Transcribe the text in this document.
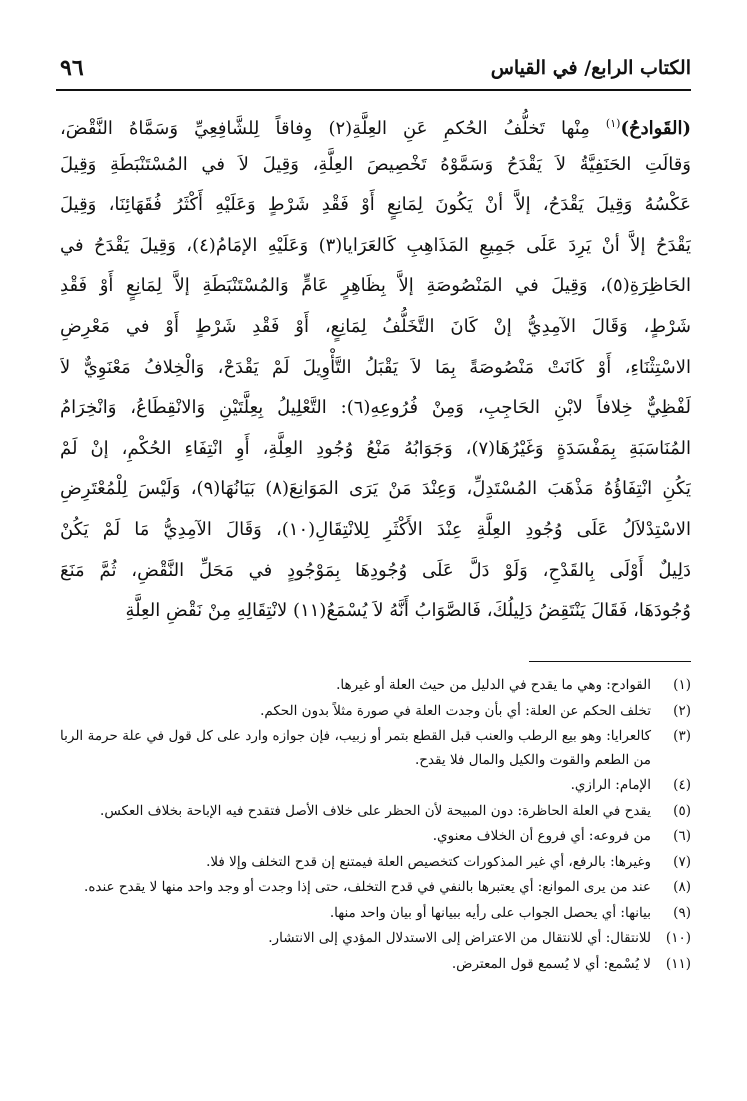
٩٦	الكتاب الرابع/ في القياس
(القَوادحُ)$^{(١)}$ مِنْها تَخلُّفُ الحُكمِ عَنِ العِلَّةِ(٢) وِفاقاً لِلشَّافِعِيِّ وَسَمَّاهُ النَّقْضَ،
وَقالَتِ الحَنَفِيَّةُ لاَ يَقْدَحُ وَسَمَّوْهُ تَخْصِيصَ العِلَّةِ، وَقِيلَ لاَ في المُسْتَنْبَطَةِ وَقِيلَ
عَكْسُهُ وَقِيلَ يَقْدَحُ، إلاَّ أنْ يَكُونَ لِمَانِعٍ أَوْ فَقْدِ شَرْطٍ وَعَلَيْهِ أَكْثَرُ فُقَهَائِنَا، وَقِيلَ
يَقْدَحُ إلاَّ أنْ يَرِدَ عَلَى جَمِيعِ المَذَاهِبِ كَالعَرَايا(٣) وَعَلَيْهِ الإمَامُ(٤)، وَقِيلَ يَقْدَحُ في
الحَاظِرَةِ(٥)، وَقِيلَ في المَنْصُوصَةِ إلاَّ بِظَاهِرٍ عَامٍّ وَالمُسْتَنْبَطَةِ إلاَّ لِمَانِعٍ أَوْ فَقْدِ
شَرْطٍ، وَقَالَ الآمِدِيُّ إنْ كَانَ التَّخَلُّفُ لِمَانِعٍ، أَوْ فَقْدِ شَرْطٍ أَوْ في مَعْرِضِ
الاسْتِثْنَاءِ، أَوْ كَانَتْ مَنْصُوصَةً بِمَا لاَ يَقْبَلُ التَّأْوِيلَ لَمْ يَقْدَحْ، وَالْخِلافُ مَعْنَوِيٌّ لاَ
لَفْظِيٌّ خِلافاً لابْنِ الحَاجِبِ، وَمِنْ فُرُوعِهِ(٦): التَّعْلِيلُ بِعِلَّتَيْنِ وَالانْقِطَاعُ، وَانْخِرَامُ
المُنَاسَبَةِ بِمَفْسَدَةٍ وَغَيْرُهَا(٧)، وَجَوَابُهُ مَنْعُ وُجُودِ العِلَّةِ، أَوِ انْتِفَاءِ الحُكْمِ، إنْ لَمْ
يَكُنِ انْتِفَاؤُهُ مَذْهَبَ المُسْتَدِلِّ، وَعِنْدَ مَنْ يَرَى المَوَانِعَ(٨) بَيَانُهَا(٩)، وَلَيْسَ لِلْمُعْتَرِضِ
الاسْتِدْلاَلُ عَلَى وُجُودِ العِلَّةِ عِنْدَ الأَكْثَرِ لِلانْتِقَالِ(١٠)، وَقَالَ الآمِدِيُّ مَا لَمْ يَكُنْ
دَلِيلٌ أَوْلَى بِالقَدْحِ، وَلَوْ دَلَّ عَلَى وُجُودِهَا بِمَوْجُودٍ في مَحَلِّ النَّقْضِ، ثُمَّ مَنَعَ
وُجُودَهَا، فَقَالَ يَنْتَقِضُ دَلِيلُكَ، فَالصَّوَابُ أَنَّهُ لاَ يُسْمَعُ(١١) لانْتِقَالِهِ مِنْ نَقْضِ العِلَّةِ
(١)
القوادح: وهي ما يقدح في الدليل من حيث العلة أو غيرها.
(٢)
تخلف الحكم عن العلة: أي بأن وجدت العلة في صورة مثلاً بدون الحكم.
(٣)
كالعرايا: وهو بيع الرطب والعنب قبل القطع بتمر أو زبيب، فإن جوازه وارد على كل قول في علة حرمة الربا من الطعم والقوت والكيل والمال فلا يقدح.
(٤)
الإمام: الرازي.
(٥)
يقدح في العلة الحاظرة: دون المبيحة لأن الحظر على خلاف الأصل فتقدح فيه الإباحة بخلاف العكس.
(٦)
من فروعه: أي فروع أن الخلاف معنوي.
(٧)
وغيرها: بالرفع، أي غير المذكورات كتخصيص العلة فيمتنع إن قدح التخلف وإلا فلا.
(٨)
عند من يرى الموانع: أي يعتبرها بالنفي في قدح التخلف، حتى إذا وجدت أو وجد واحد منها لا يقدح عنده.
(٩)
بيانها: أي يحصل الجواب على رأيه ببيانها أو بيان واحد منها.
(١٠)
للانتقال: أي للانتقال من الاعتراض إلى الاستدلال المؤدي إلى الانتشار.
(١١)
لا يُسْمع: أي لا يُسمع قول المعترض.
